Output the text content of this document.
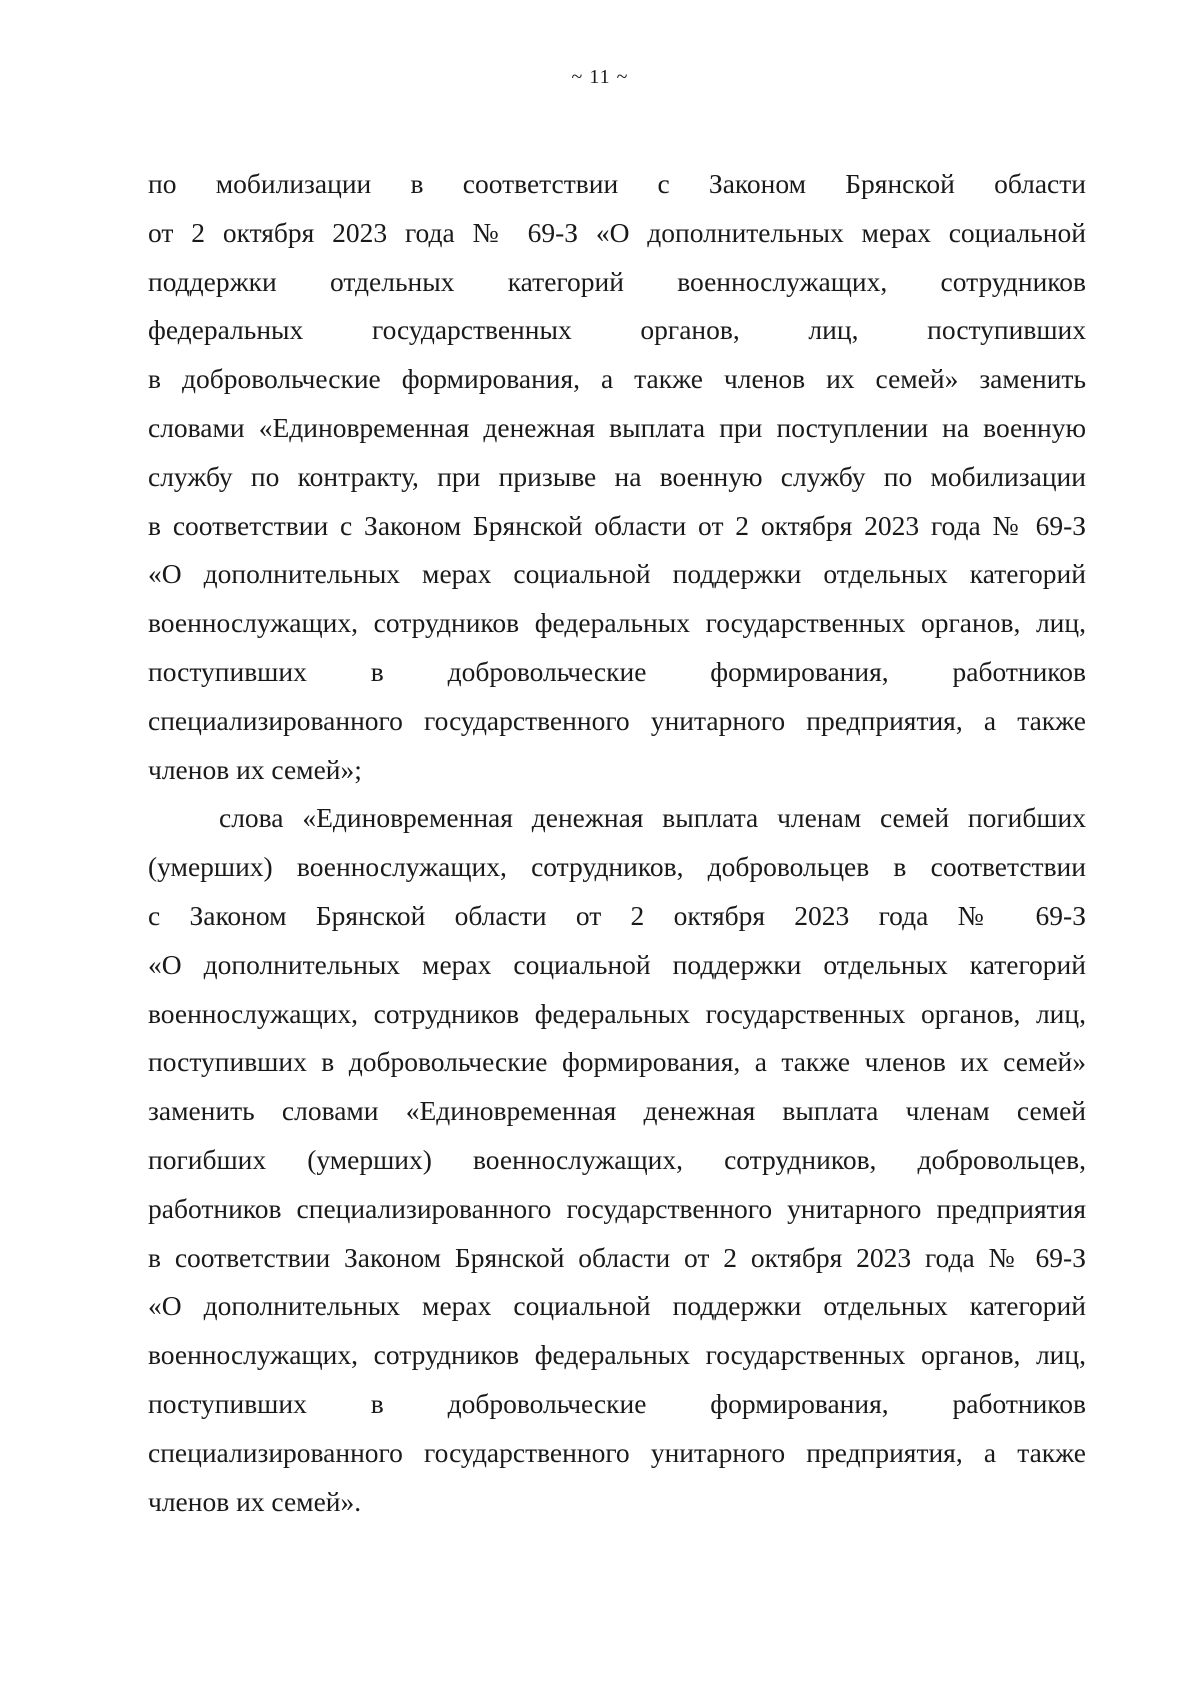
~ 11 ~
по мобилизации в соответствии с Законом Брянской области
от 2 октября 2023 года № 69-З «О дополнительных мерах социальной
поддержки отдельных категорий военнослужащих, сотрудников
федеральных государственных органов, лиц, поступивших
в добровольческие формирования, а также членов их семей» заменить
словами «Единовременная денежная выплата при поступлении на военную
службу по контракту, при призыве на военную службу по мобилизации
в соответствии с Законом Брянской области от 2 октября 2023 года № 69-З
«О дополнительных мерах социальной поддержки отдельных категорий
военнослужащих, сотрудников федеральных государственных органов, лиц,
поступивших в добровольческие формирования, работников
специализированного государственного унитарного предприятия, а также
членов их семей»;
слова «Единовременная денежная выплата членам семей погибших
(умерших) военнослужащих, сотрудников, добровольцев в соответствии
с Законом Брянской области от 2 октября 2023 года № 69-З
«О дополнительных мерах социальной поддержки отдельных категорий
военнослужащих, сотрудников федеральных государственных органов, лиц,
поступивших в добровольческие формирования, а также членов их семей»
заменить словами «Единовременная денежная выплата членам семей
погибших (умерших) военнослужащих, сотрудников, добровольцев,
работников специализированного государственного унитарного предприятия
в соответствии Законом Брянской области от 2 октября 2023 года № 69-З
«О дополнительных мерах социальной поддержки отдельных категорий
военнослужащих, сотрудников федеральных государственных органов, лиц,
поступивших в добровольческие формирования, работников
специализированного государственного унитарного предприятия, а также
членов их семей».
